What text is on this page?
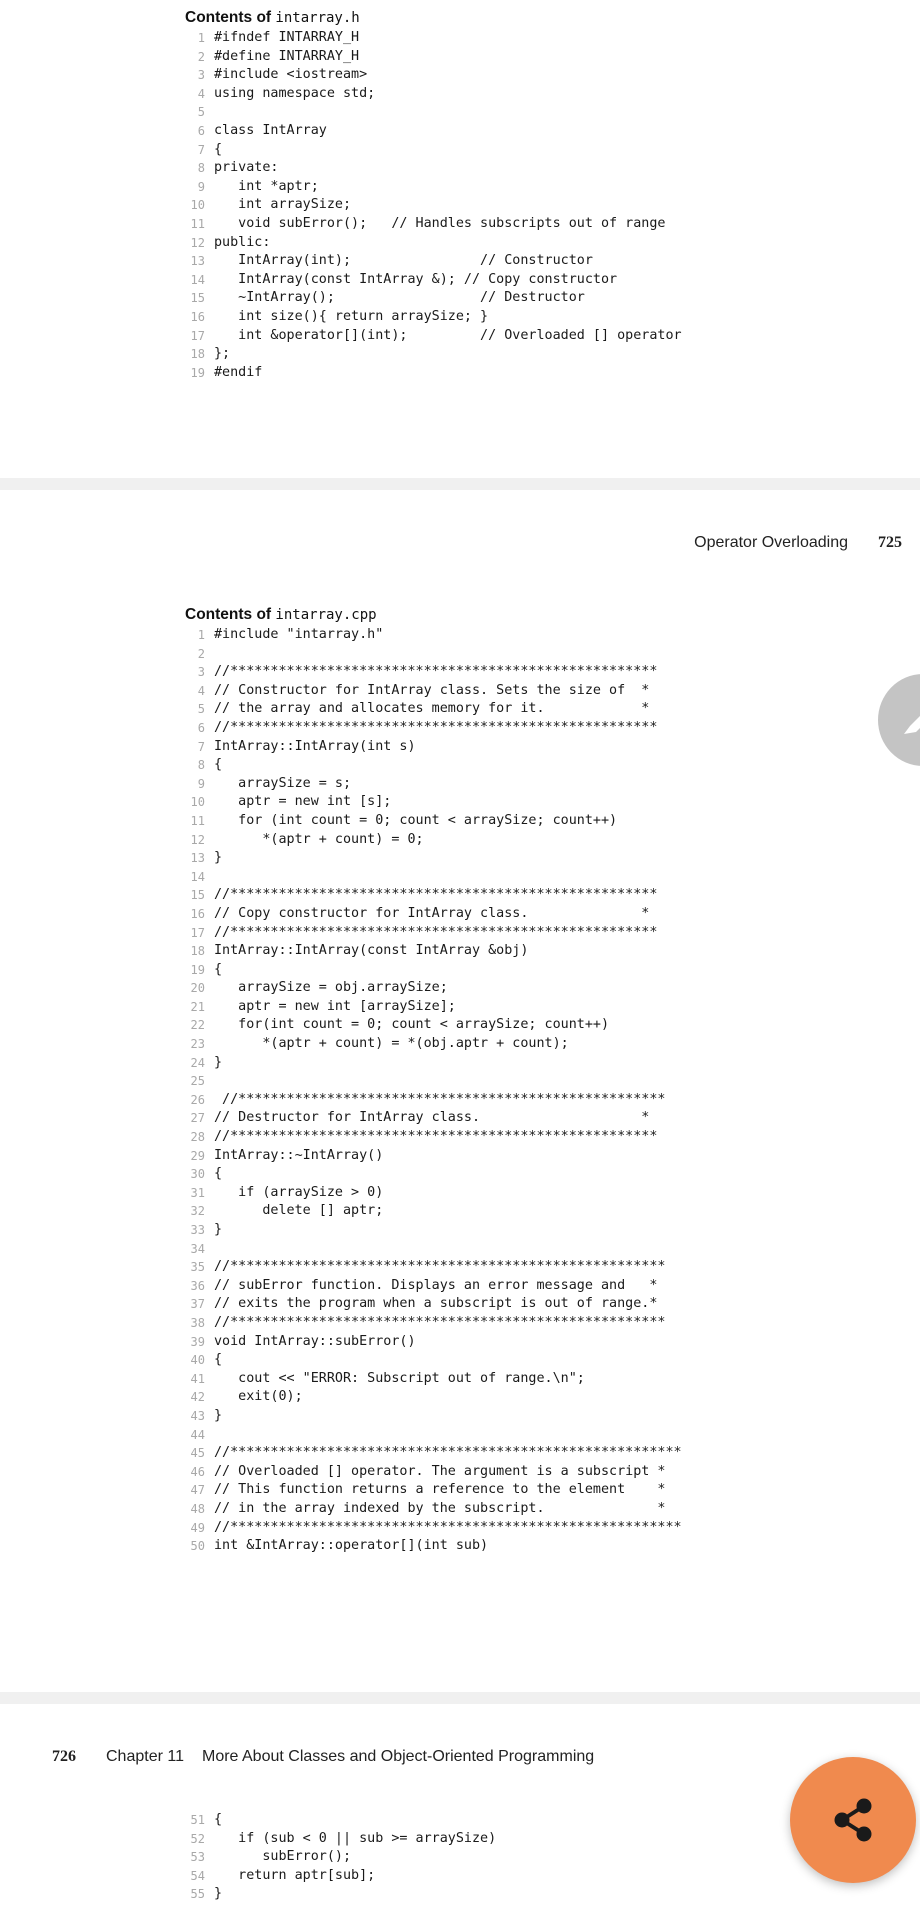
Contents of intarray.h
1 #ifndef INTARRAY_H
2 #define INTARRAY_H
3 #include <iostream>
4 using namespace std;
5
6 class IntArray
7 {
8 private:
9 int *aptr;
10 int arraySize;
11 void subError();   // Handles subscripts out of range
12 public:
13 IntArray(int);                // Constructor
14 IntArray(const IntArray &); // Copy constructor
15 ~IntArray();                  // Destructor
16 int size(){ return arraySize; }
17 int &operator[](int);         // Overloaded [] operator
18 };
19 #endif
Operator Overloading 725
Contents of intarray.cpp
1 #include "intarray.h"
2
3 //*****************************************************
4 // Constructor for IntArray class. Sets the size of  *
5 // the array and allocates memory for it.            *
6 //*****************************************************
7 IntArray::IntArray(int s)
8 {
9 arraySize = s;
10 aptr = new int [s];
11 for (int count = 0; count < arraySize; count++)
12 *(aptr + count) = 0;
13 }
14
15 //*****************************************************
16 // Copy constructor for IntArray class.              *
17 //*****************************************************
18 IntArray::IntArray(const IntArray &obj)
19 {
20 arraySize = obj.arraySize;
21 aptr = new int [arraySize];
22 for(int count = 0; count < arraySize; count++)
23 *(aptr + count) = *(obj.aptr + count);
24 }
25
26 //*****************************************************
27 // Destructor for IntArray class.                    *
28 //*****************************************************
29 IntArray::~IntArray()
30 {
31 if (arraySize > 0)
32 delete [] aptr;
33 }
34
35 //******************************************************
36 // subError function. Displays an error message and   *
37 // exits the program when a subscript is out of range.*
38 //******************************************************
39 void IntArray::subError()
40 {
41 cout << "ERROR: Subscript out of range.\n";
42 exit(0);
43 }
44
45 //********************************************************
46 // Overloaded [] operator. The argument is a subscript *
47 // This function returns a reference to the element    *
48 // in the array indexed by the subscript.              *
49 //********************************************************
50 int &IntArray::operator[](int sub)
726 Chapter 11 More About Classes and Object-Oriented Programming
51 {
52 if (sub < 0 || sub >= arraySize)
53 subError();
54 return aptr[sub];
55 }
